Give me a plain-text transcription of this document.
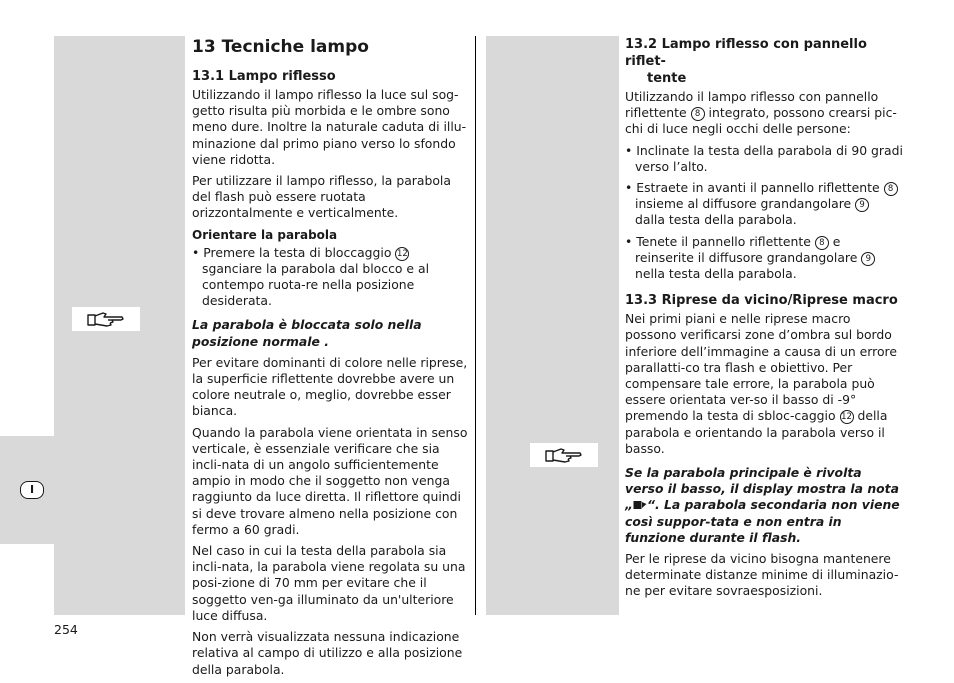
I
254
13 Tecniche lampo
13.1 Lampo riflesso

Utilizzando il lampo riflesso la luce sul sog-getto risulta più morbida e le ombre sono meno dure. Inoltre la naturale caduta di illu-minazione dal primo piano verso lo sfondo viene ridotta.

Per utilizzare il lampo riflesso, la parabola del flash può essere ruotata orizzontalmente e verticalmente.

Orientare la parabola

• Premere la testa di bloccaggio 12 sganciare la parabola dal blocco e al contempo ruota-re nella posizione desiderata.

La parabola è bloccata solo nella posizione normale .

Per evitare dominanti di colore nelle riprese, la superficie riflettente dovrebbe avere un colore neutrale o, meglio, dovrebbe esser bianca.

Quando la parabola viene orientata in senso verticale, è essenziale verificare che sia incli-nata di un angolo sufficientemente ampio in modo che il soggetto non venga raggiunto da luce diretta. Il riflettore quindi si deve trovare almeno nella posizione con fermo a 60 gradi.

Nel caso in cui la testa della parabola sia incli-nata, la parabola viene regolata su una posi-zione di 70 mm per evitare che il soggetto ven-ga illuminato da un'ulteriore luce diffusa.

Non verrà visualizzata nessuna indicazione relativa al campo di utilizzo e alla posizione della parabola.

13.2 Lampo riflesso con pannello riflet-
tente

Utilizzando il lampo riflesso con pannello riflettente 8 integrato, possono crearsi pic-chi di luce negli occhi delle persone:

• Inclinate la testa della parabola di 90 gradi verso l’alto.

• Estraete in avanti il pannello riflettente 8 insieme al diffusore grandangolare 9 dalla testa della parabola.

• Tenete il pannello riflettente 8 e reinserite il diffusore grandangolare 9 nella testa della parabola.

13.3 Riprese da vicino/Riprese macro

Nei primi piani e nelle riprese macro possono verificarsi zone d’ombra sul bordo inferiore dell’immagine a causa di un errore parallatti-co tra flash e obiettivo. Per compensare tale errore, la parabola può essere orientata ver-so il basso di -9° premendo la testa di sbloc-caggio 12 della parabola e orientando la parabola verso il basso.

Se la parabola principale è rivolta verso il basso, il display mostra la nota „ “. La parabola secondaria non viene così suppor-tata e non entra in funzione durante il flash.

Per le riprese da vicino bisogna mantenere determinate distanze minime di illuminazio-ne per evitare sovraesposizioni.
